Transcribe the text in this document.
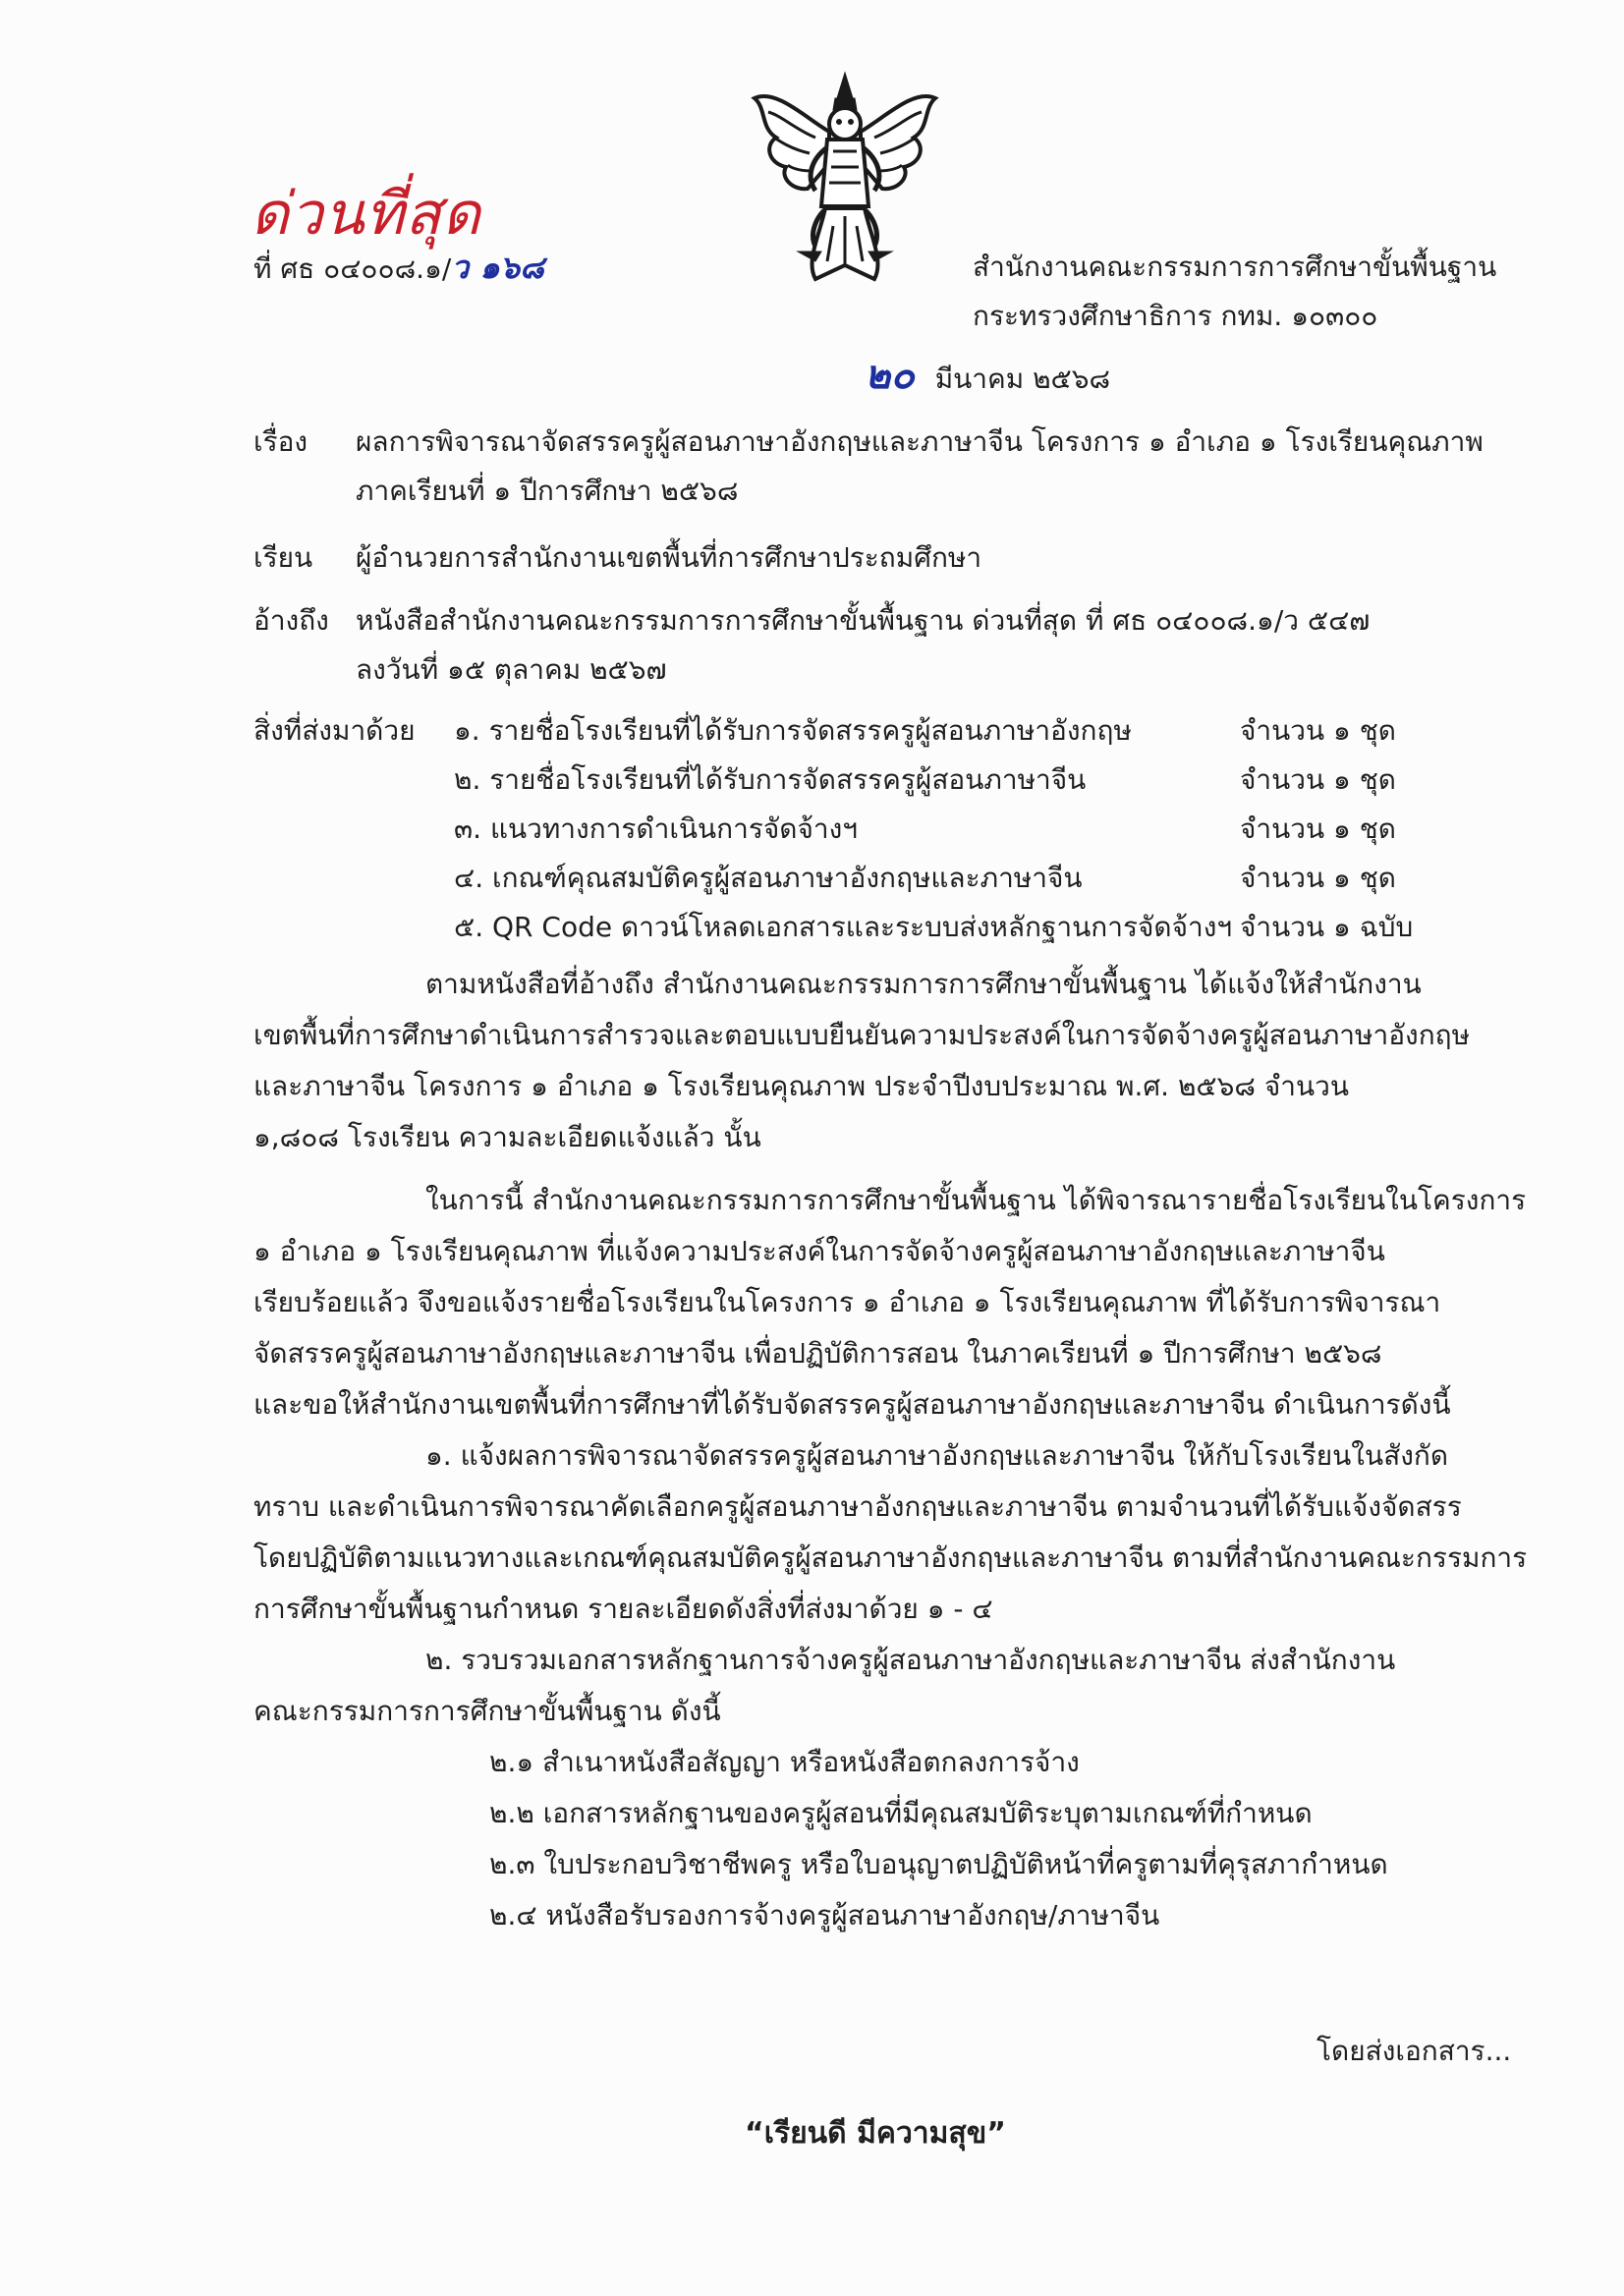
ด่วนที่สุด
ที่ ศธ ๐๔๐๐๘.๑/ว ๑๖๘	สำนักงานคณะกรรมการการศึกษาขั้นพื้นฐาน
กระทรวงศึกษาธิการ กทม. ๑๐๓๐๐
๒๐ มีนาคม ๒๕๖๘
เรื่อง ผลการพิจารณาจัดสรรครูผู้สอนภาษาอังกฤษและภาษาจีน โครงการ ๑ อำเภอ ๑ โรงเรียนคุณภาพ
ภาคเรียนที่ ๑ ปีการศึกษา ๒๕๖๘
เรียน ผู้อำนวยการสำนักงานเขตพื้นที่การศึกษาประถมศึกษา
อ้างถึง หนังสือสำนักงานคณะกรรมการการศึกษาขั้นพื้นฐาน ด่วนที่สุด ที่ ศธ ๐๔๐๐๘.๑/ว ๕๔๗
ลงวันที่ ๑๕ ตุลาคม ๒๕๖๗
สิ่งที่ส่งมาด้วย ๑. รายชื่อโรงเรียนที่ได้รับการจัดสรรครูผู้สอนภาษาอังกฤษ	จำนวน ๑ ชุด
๒. รายชื่อโรงเรียนที่ได้รับการจัดสรรครูผู้สอนภาษาจีน	จำนวน ๑ ชุด
๓. แนวทางการดำเนินการจัดจ้างฯ	จำนวน ๑ ชุด
๔. เกณฑ์คุณสมบัติครูผู้สอนภาษาอังกฤษและภาษาจีน	จำนวน ๑ ชุด
๕. QR Code ดาวน์โหลดเอกสารและระบบส่งหลักฐานการจัดจ้างฯ จำนวน ๑ ฉบับ
ตามหนังสือที่อ้างถึง สำนักงานคณะกรรมการการศึกษาขั้นพื้นฐาน ได้แจ้งให้สำนักงาน
เขตพื้นที่การศึกษาดำเนินการสำรวจและตอบแบบยืนยันความประสงค์ในการจัดจ้างครูผู้สอนภาษาอังกฤษ
และภาษาจีน โครงการ ๑ อำเภอ ๑ โรงเรียนคุณภาพ ประจำปีงบประมาณ พ.ศ. ๒๕๖๘ จำนวน
๑,๘๐๘ โรงเรียน ความละเอียดแจ้งแล้ว นั้น
ในการนี้ สำนักงานคณะกรรมการการศึกษาขั้นพื้นฐาน ได้พิจารณารายชื่อโรงเรียนในโครงการ
๑ อำเภอ ๑ โรงเรียนคุณภาพ ที่แจ้งความประสงค์ในการจัดจ้างครูผู้สอนภาษาอังกฤษและภาษาจีน
เรียบร้อยแล้ว จึงขอแจ้งรายชื่อโรงเรียนในโครงการ ๑ อำเภอ ๑ โรงเรียนคุณภาพ ที่ได้รับการพิจารณา
จัดสรรครูผู้สอนภาษาอังกฤษและภาษาจีน เพื่อปฏิบัติการสอน ในภาคเรียนที่ ๑ ปีการศึกษา ๒๕๖๘
และขอให้สำนักงานเขตพื้นที่การศึกษาที่ได้รับจัดสรรครูผู้สอนภาษาอังกฤษและภาษาจีน ดำเนินการดังนี้
๑. แจ้งผลการพิจารณาจัดสรรครูผู้สอนภาษาอังกฤษและภาษาจีน ให้กับโรงเรียนในสังกัด
ทราบ และดำเนินการพิจารณาคัดเลือกครูผู้สอนภาษาอังกฤษและภาษาจีน ตามจำนวนที่ได้รับแจ้งจัดสรร
โดยปฏิบัติตามแนวทางและเกณฑ์คุณสมบัติครูผู้สอนภาษาอังกฤษและภาษาจีน ตามที่สำนักงานคณะกรรมการ
การศึกษาขั้นพื้นฐานกำหนด รายละเอียดดังสิ่งที่ส่งมาด้วย ๑ - ๔
๒. รวบรวมเอกสารหลักฐานการจ้างครูผู้สอนภาษาอังกฤษและภาษาจีน ส่งสำนักงาน
คณะกรรมการการศึกษาขั้นพื้นฐาน ดังนี้
๒.๑ สำเนาหนังสือสัญญา หรือหนังสือตกลงการจ้าง
๒.๒ เอกสารหลักฐานของครูผู้สอนที่มีคุณสมบัติระบุตามเกณฑ์ที่กำหนด
๒.๓ ใบประกอบวิชาชีพครู หรือใบอนุญาตปฏิบัติหน้าที่ครูตามที่คุรุสภากำหนด
๒.๔ หนังสือรับรองการจ้างครูผู้สอนภาษาอังกฤษ/ภาษาจีน
โดยส่งเอกสาร...
“เรียนดี มีความสุข”
